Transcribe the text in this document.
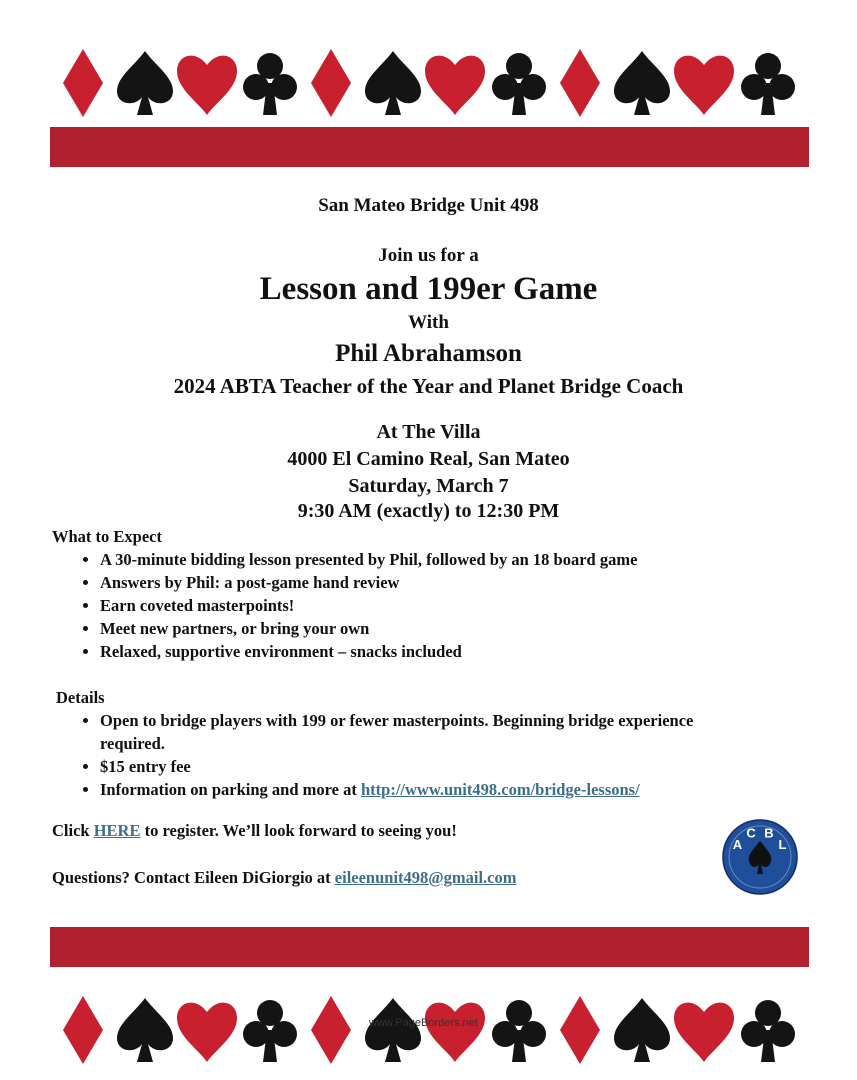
San Mateo Bridge Unit 498
Join us for a
Lesson and 199er Game
With
Phil Abrahamson
2024 ABTA Teacher of the Year and Planet Bridge Coach
At The Villa
4000 El Camino Real, San Mateo
Saturday, March 7
9:30 AM (exactly) to 12:30 PM
What to Expect
• A 30-minute bidding lesson presented by Phil, followed by an 18 board game
• Answers by Phil: a post-game hand review
• Earn coveted masterpoints!
• Meet new partners, or bring your own
• Relaxed, supportive environment – snacks included
Details
• Open to bridge players with 199 or fewer masterpoints. Beginning bridge experience required.
• $15 entry fee
• Information on parking and more at http://www.unit498.com/bridge-lessons/
Click HERE to register. We’ll look forward to seeing you!
Questions? Contact Eileen DiGiorgio at eileenunit498@gmail.com
AC BL
www.PageBorders.net
